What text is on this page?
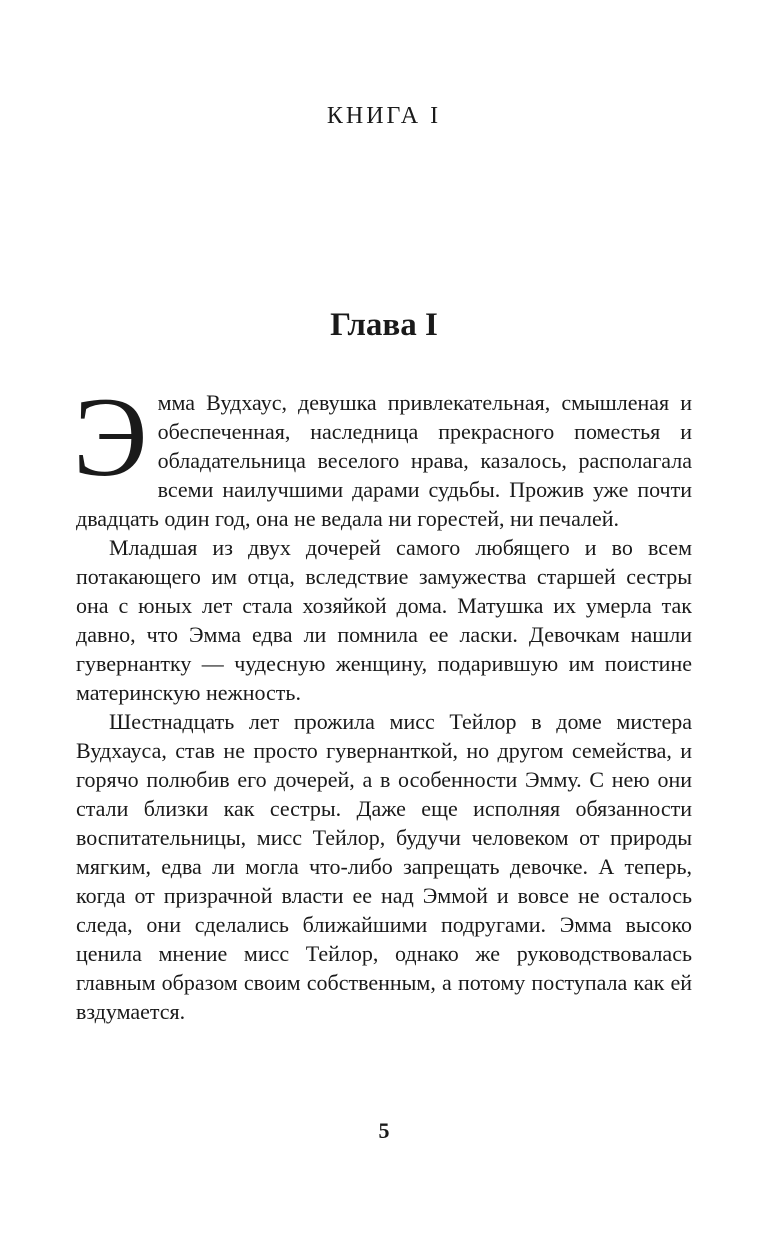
КНИГА I
Глава I

Эмма Вудхаус, девушка привлекательная, смышленая и обеспеченная, наследница прекрасного поместья и обладательница веселого нрава, казалось, располагала всеми наилучшими дарами судьбы. Прожив уже почти двадцать один год, она не ведала ни горестей, ни печалей.

Младшая из двух дочерей самого любящего и во всем потакающего им отца, вследствие замужества старшей сестры она с юных лет стала хозяйкой дома. Матушка их умерла так давно, что Эмма едва ли помнила ее ласки. Девочкам нашли гувернантку — чудесную женщину, подарившую им поистине материнскую нежность.

Шестнадцать лет прожила мисс Тейлор в доме мистера Вудхауса, став не просто гувернанткой, но другом семейства, и горячо полюбив его дочерей, а в особенности Эмму. С нею они стали близки как сестры. Даже еще исполняя обязанности воспитательницы, мисс Тейлор, будучи человеком от природы мягким, едва ли могла что-либо запрещать девочке. А теперь, когда от призрачной власти ее над Эммой и вовсе не осталось следа, они сделались ближайшими подругами. Эмма высоко ценила мнение мисс Тейлор, однако же руководствовалась главным образом своим собственным, а потому поступала как ей вздумается.

5
